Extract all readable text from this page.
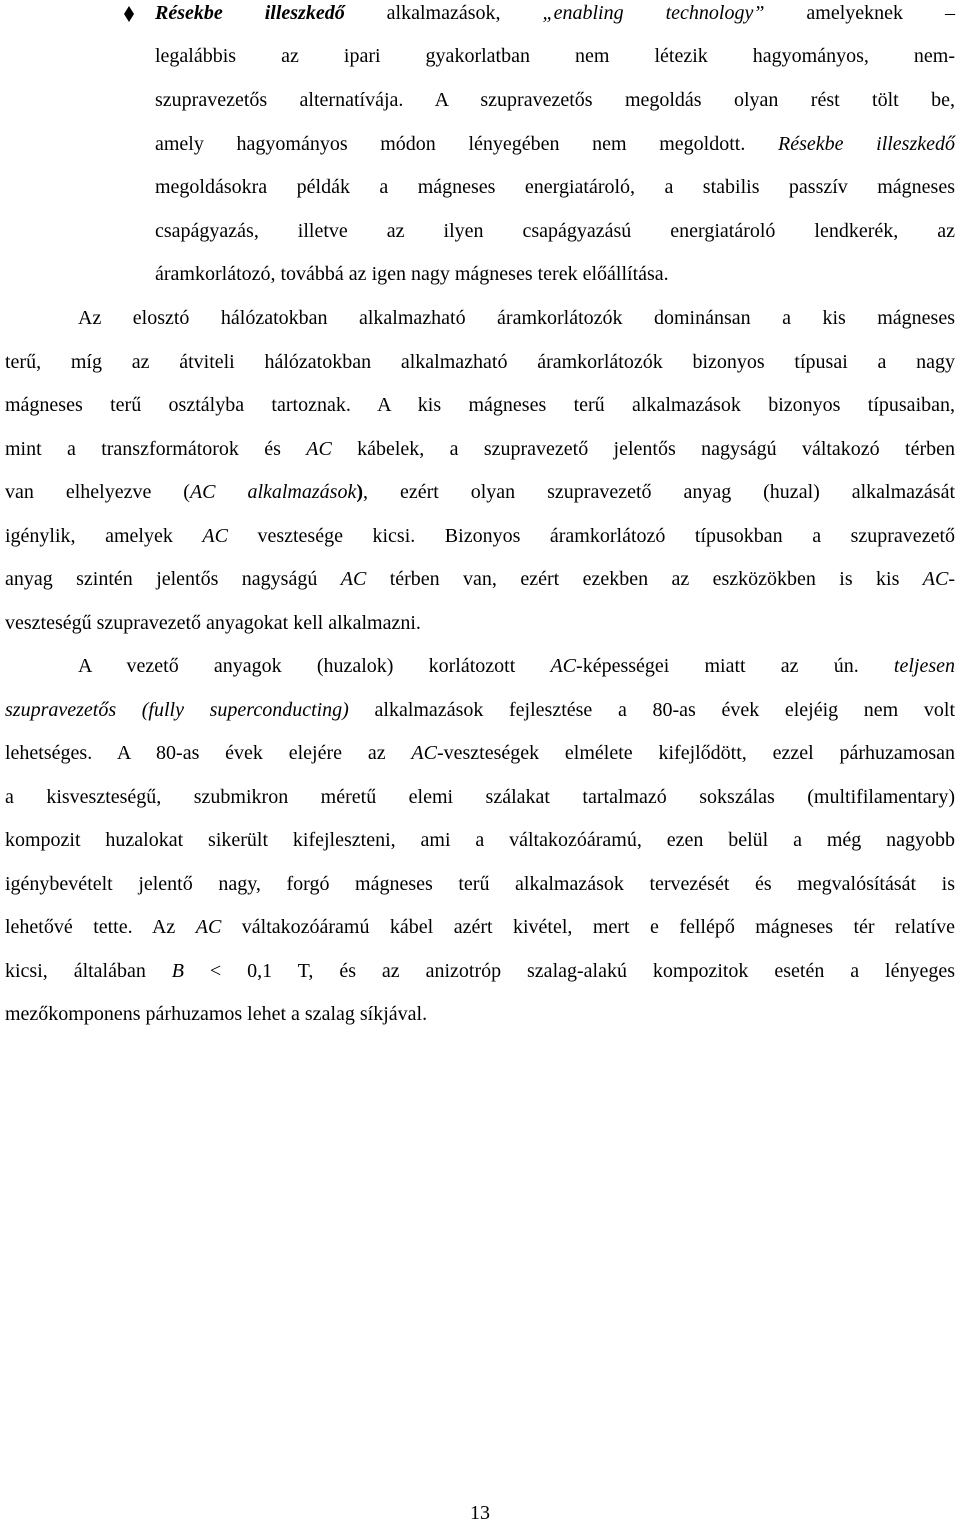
Résekbe illeszkedő alkalmazások, „enabling technology” amelyeknek –

legalábbis az ipari gyakorlatban nem létezik hagyományos, nem-

szupravezetős alternatívája. A szupravezetős megoldás olyan rést tölt be,

amely hagyományos módon lényegében nem megoldott. Résekbe illeszkedő

megoldásokra példák a mágneses energiatároló, a stabilis passzív mágneses

csapágyazás, illetve az ilyen csapágyazású energiatároló lendkerék, az

áramkorlátozó, továbbá az igen nagy mágneses terek előállítása.

Az elosztó hálózatokban alkalmazható áramkorlátozók dominánsan a kis mágneses

terű, míg az átviteli hálózatokban alkalmazható áramkorlátozók bizonyos típusai a nagy

mágneses terű osztályba tartoznak. A kis mágneses terű alkalmazások bizonyos típusaiban,

mint a transzformátorok és AC kábelek, a szupravezető jelentős nagyságú váltakozó térben

van elhelyezve (AC alkalmazások), ezért olyan szupravezető anyag (huzal) alkalmazását

igénylik, amelyek AC vesztesége kicsi. Bizonyos áramkorlátozó típusokban a szupravezető

anyag szintén jelentős nagyságú AC térben van, ezért ezekben az eszközökben is kis AC-

veszteségű szupravezető anyagokat kell alkalmazni.

A vezető anyagok (huzalok) korlátozott AC-képességei miatt az ún. teljesen

szupravezetős (fully superconducting) alkalmazások fejlesztése a 80-as évek elejéig nem volt

lehetséges. A 80-as évek elejére az AC-veszteségek elmélete kifejlődött, ezzel párhuzamosan

a kisveszteségű, szubmikron méretű elemi szálakat tartalmazó sokszálas (multifilamentary)

kompozit huzalokat sikerült kifejleszteni, ami a váltakozóáramú, ezen belül a még nagyobb

igénybevételt jelentő nagy, forgó mágneses terű alkalmazások tervezését és megvalósítását is

lehetővé tette. Az AC váltakozóáramú kábel azért kivétel, mert e fellépő mágneses tér relatíve

kicsi, általában B < 0,1 T, és az anizotróp szalag-alakú kompozitok esetén a lényeges

mezőkomponens párhuzamos lehet a szalag síkjával.

13
